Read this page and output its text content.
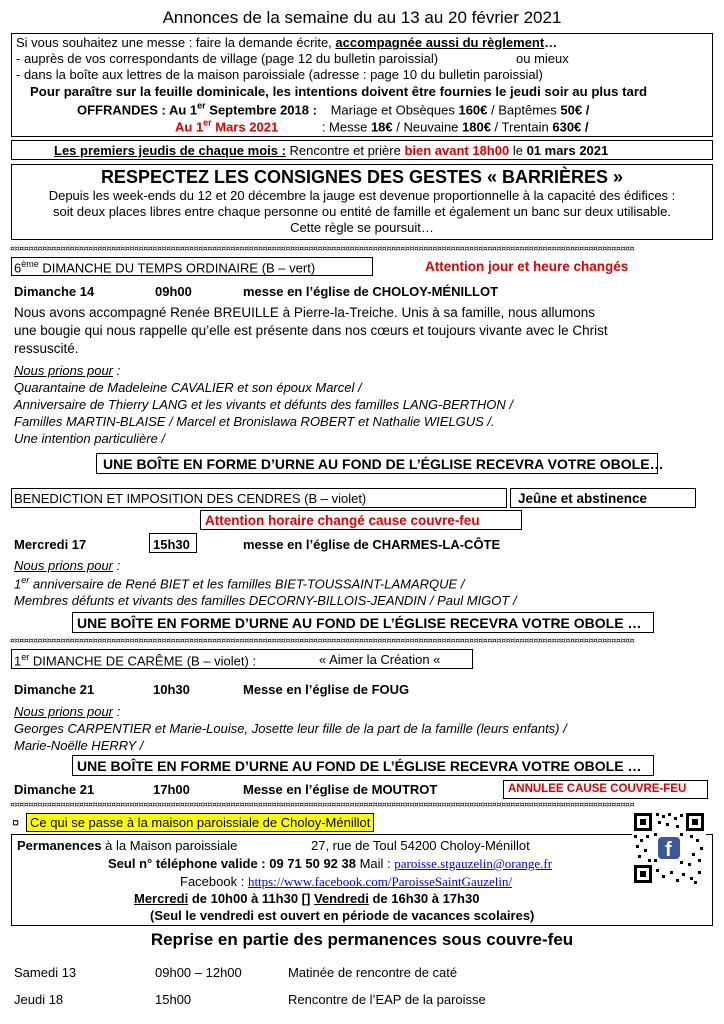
Annonces de la semaine du au 13 au 20 février 2021
Si vous souhaitez une messe : faire la demande écrite, accompagnée aussi du règlement…
- auprès de vos correspondants de village (page 12 du bulletin paroissial)	ou mieux
- dans la boîte aux lettres de la maison paroissiale (adresse : page 10 du bulletin paroissial)
Pour paraître sur la feuille dominicale, les intentions doivent être fournies le jeudi soir au plus tard
OFFRANDES : Au 1er Septembre 2018 : Mariage et Obsèques 160€ / Baptêmes 50€ /
Au 1er Mars 2021	: Messe 18€ / Neuvaine 180€ / Trentain 630€ /
Les premiers jeudis de chaque mois : Rencontre et prière bien avant 18h00 le 01 mars 2021
RESPECTEZ LES CONSIGNES DES GESTES « BARRIÈRES »
Depuis les week-ends du 12 et 20 décembre la jauge est devenue proportionnelle à la capacité des édifices :
soit deux places libres entre chaque personne ou entité de famille et également un banc sur deux utilisable.
Cette règle se poursuit…
¤¤¤¤¤¤¤¤¤¤¤¤¤¤¤¤¤¤¤¤¤¤¤¤¤¤¤¤¤¤¤¤¤¤¤¤¤¤¤¤¤¤¤¤¤¤¤¤¤¤¤¤¤¤¤¤¤¤¤¤¤¤¤¤¤¤¤¤¤¤¤¤¤¤¤¤¤¤¤¤¤¤¤¤¤¤¤¤¤¤¤¤¤¤¤¤¤¤¤¤¤¤¤¤¤¤¤¤¤¤¤¤¤¤¤¤¤¤¤¤¤¤¤¤¤¤¤¤¤¤¤¤¤¤¤¤
6ème DIMANCHE DU TEMPS ORDINAIRE (B – vert)	Attention jour et heure changés
Dimanche 14	09h00	messe en l’église de CHOLOY-MÉNILLOT
Nous avons accompagné Renée BREUILLE à Pierre-la-Treiche. Unis à sa famille, nous allumons
une bougie qui nous rappelle qu’elle est présente dans nos cœurs et toujours vivante avec le Christ
ressuscité.
Nous prions pour :
Quarantaine de Madeleine CAVALIER et son époux Marcel /
Anniversaire de Thierry LANG et les vivants et défunts des familles LANG-BERTHON /
Familles MARTIN-BLAISE / Marcel et Bronislawa ROBERT et Nathalie WIELGUS /.
Une intention particulière /
UNE BOÎTE EN FORME D’URNE AU FOND DE L’ÉGLISE RECEVRA VOTRE OBOLE…
BENEDICTION ET IMPOSITION DES CENDRES (B – violet)	Jeûne et abstinence
Attention horaire changé cause couvre-feu
Mercredi 17	15h30	messe en l’église de CHARMES-LA-CÔTE
Nous prions pour :
1er anniversaire de René BIET et les familles BIET-TOUSSAINT-LAMARQUE /
Membres défunts et vivants des familles DECORNY-BILLOIS-JEANDIN / Paul MIGOT /
UNE BOÎTE EN FORME D’URNE AU FOND DE L’ÉGLISE RECEVRA VOTRE OBOLE …
¤¤¤¤¤¤¤¤¤¤¤¤¤¤¤¤¤¤¤¤¤¤¤¤¤¤¤¤¤¤¤¤¤¤¤¤¤¤¤¤¤¤¤¤¤¤¤¤¤¤¤¤¤¤¤¤¤¤¤¤¤¤¤¤¤¤¤¤¤¤¤¤¤¤¤¤¤¤¤¤¤¤¤¤¤¤¤¤¤¤¤¤¤¤¤¤¤¤¤¤¤¤¤¤¤¤¤¤¤¤¤¤¤¤¤¤¤¤¤¤¤¤¤¤¤¤¤¤¤¤¤¤¤¤¤¤
1er DIMANCHE DE CARÊME (B – violet) :	« Aimer la Création «
Dimanche 21	10h30	Messe en l’église de FOUG
Nous prions pour :
Georges CARPENTIER et Marie-Louise, Josette leur fille de la part de la famille (leurs enfants) /
Marie-Noëlle HERRY /
UNE BOÎTE EN FORME D’URNE AU FOND DE L’ÉGLISE RECEVRA VOTRE OBOLE …
Dimanche 21	17h00	Messe en l’église de MOUTROT	ANNULEE CAUSE COUVRE-FEU
¤¤¤¤¤¤¤¤¤¤¤¤¤¤¤¤¤¤¤¤¤¤¤¤¤¤¤¤¤¤¤¤¤¤¤¤¤¤¤¤¤¤¤¤¤¤¤¤¤¤¤¤¤¤¤¤¤¤¤¤¤¤¤¤¤¤¤¤¤¤¤¤¤¤¤¤¤¤¤¤¤¤¤¤¤¤¤¤¤¤¤¤¤¤¤¤¤¤¤¤¤¤¤¤¤¤¤¤¤¤¤¤¤¤¤¤¤¤¤¤¤¤¤¤¤¤¤¤¤¤¤¤¤¤¤¤
¤ Ce qui se passe à la maison paroissiale de Choloy-Ménillot
Permanences à la Maison paroissiale	27, rue de Toul 54200 Choloy-Ménillot
Seul n° téléphone valide : 09 71 50 92 38 Mail : paroisse.stgauzelin@orange.fr
Facebook : https://www.facebook.com/ParoisseSaintGauzelin/
Mercredi de 10h00 à 11h30 [] Vendredi de 16h30 à 17h30
(Seul le vendredi est ouvert en période de vacances scolaires)
f
Reprise en partie des permanences sous couvre-feu
Samedi 13	09h00 – 12h00	Matinée de rencontre de caté
Jeudi 18	15h00	Rencontre de l’EAP de la paroisse
